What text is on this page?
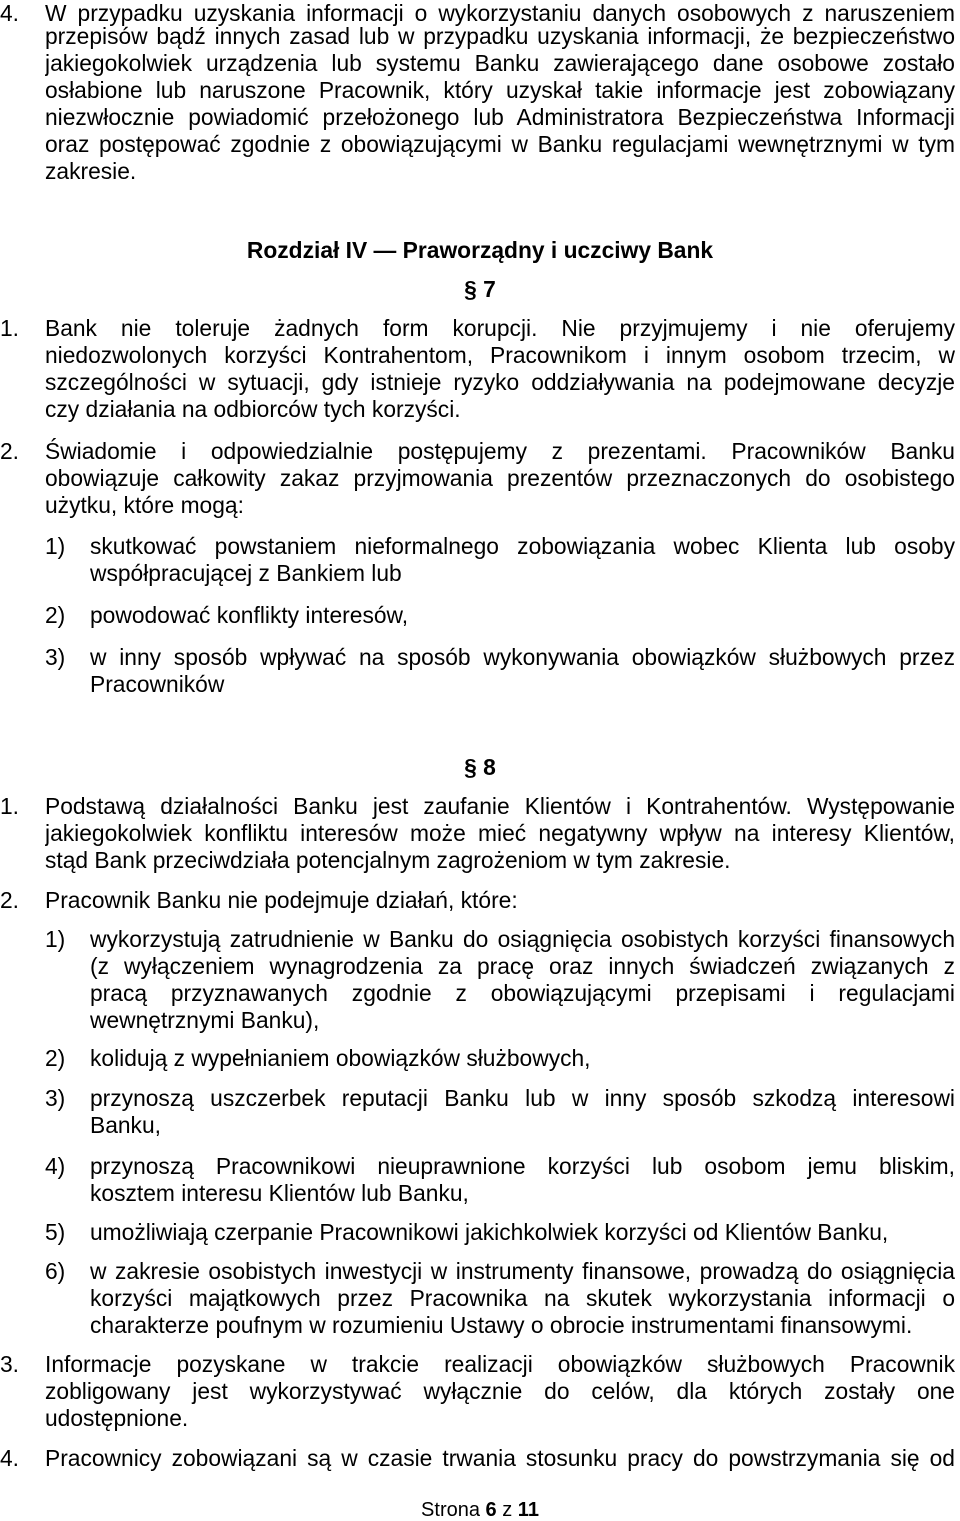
4. W przypadku uzyskania informacji o wykorzystaniu danych osobowych z naruszeniem
przepisów bądź innych zasad lub w przypadku uzyskania informacji, że bezpieczeństwo
jakiegokolwiek urządzenia lub systemu Banku zawierającego dane osobowe zostało
osłabione lub naruszone Pracownik, który uzyskał takie informacje jest zobowiązany
niezwłocznie powiadomić przełożonego lub Administratora Bezpieczeństwa Informacji
oraz postępować zgodnie z obowiązującymi w Banku regulacjami wewnętrznymi w tym
zakresie.
Rozdział IV — Praworządny i uczciwy Bank
§ 7
1. Bank nie toleruje żadnych form korupcji. Nie przyjmujemy i nie oferujemy
niedozwolonych korzyści Kontrahentom, Pracownikom i innym osobom trzecim, w
szczególności w sytuacji, gdy istnieje ryzyko oddziaływania na podejmowane decyzje
czy działania na odbiorców tych korzyści.
2. Świadomie i odpowiedzialnie postępujemy z prezentami. Pracowników Banku
obowiązuje całkowity zakaz przyjmowania prezentów przeznaczonych do osobistego
użytku, które mogą:
1) skutkować powstaniem nieformalnego zobowiązania wobec Klienta lub osoby
współpracującej z Bankiem lub
2) powodować konflikty interesów,
3) w inny sposób wpływać na sposób wykonywania obowiązków służbowych przez
Pracowników
§ 8
1. Podstawą działalności Banku jest zaufanie Klientów i Kontrahentów. Występowanie
jakiegokolwiek konfliktu interesów może mieć negatywny wpływ na interesy Klientów,
stąd Bank przeciwdziała potencjalnym zagrożeniom w tym zakresie.
2. Pracownik Banku nie podejmuje działań, które:
1) wykorzystują zatrudnienie w Banku do osiągnięcia osobistych korzyści finansowych
(z wyłączeniem wynagrodzenia za pracę oraz innych świadczeń związanych z
pracą przyznawanych zgodnie z obowiązującymi przepisami i regulacjami
wewnętrznymi Banku),
2) kolidują z wypełnianiem obowiązków służbowych,
3) przynoszą uszczerbek reputacji Banku lub w inny sposób szkodzą interesowi
Banku,
4) przynoszą Pracownikowi nieuprawnione korzyści lub osobom jemu bliskim,
kosztem interesu Klientów lub Banku,
5) umożliwiają czerpanie Pracownikowi jakichkolwiek korzyści od Klientów Banku,
6) w zakresie osobistych inwestycji w instrumenty finansowe, prowadzą do osiągnięcia
korzyści majątkowych przez Pracownika na skutek wykorzystania informacji o
charakterze poufnym w rozumieniu Ustawy o obrocie instrumentami finansowymi.
3. Informacje pozyskane w trakcie realizacji obowiązków służbowych Pracownik
zobligowany jest wykorzystywać wyłącznie do celów, dla których zostały one
udostępnione.
4. Pracownicy zobowiązani są w czasie trwania stosunku pracy do powstrzymania się od
Strona 6 z 11
